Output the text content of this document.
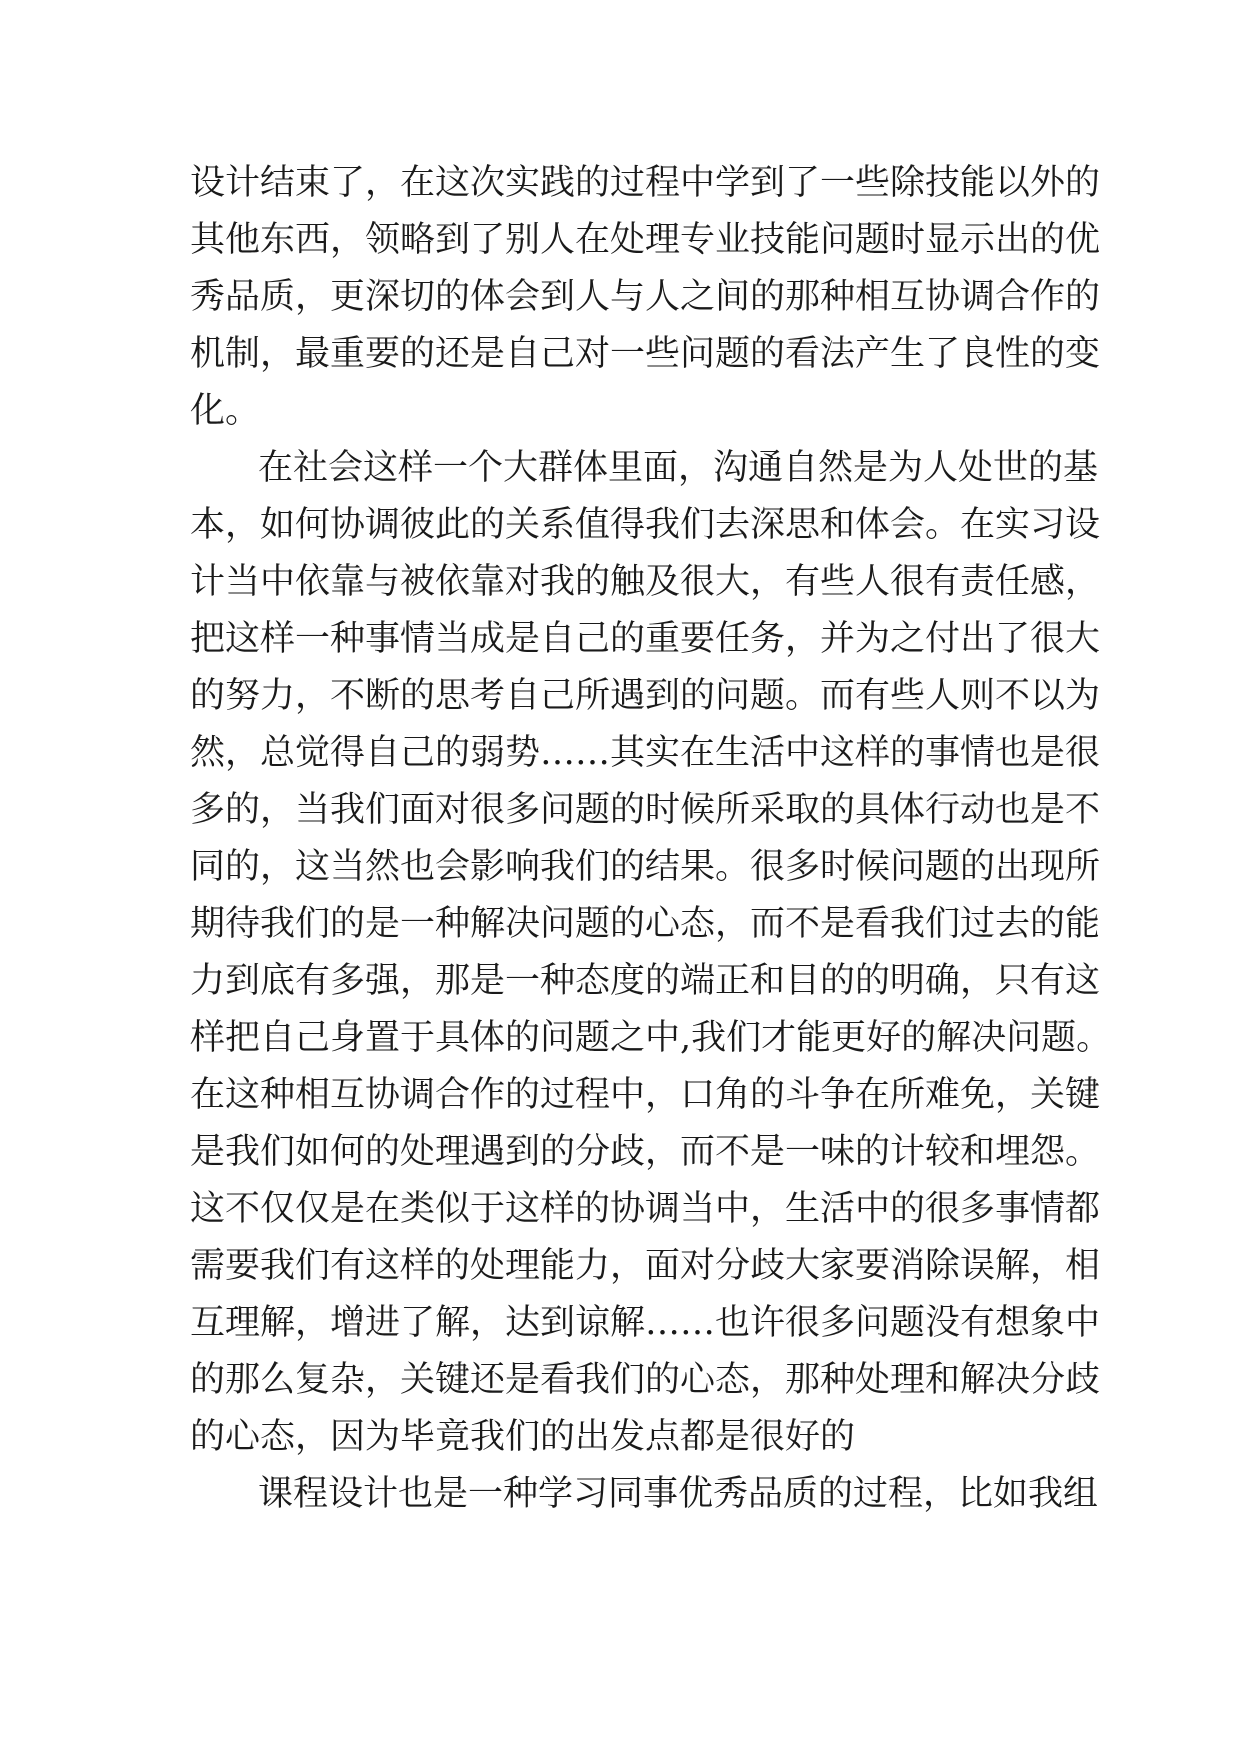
设计结束了，在这次实践的过程中学到了一些除技能以外的
其他东西，领略到了别人在处理专业技能问题时显示出的优
秀品质，更深切的体会到人与人之间的那种相互协调合作的
机制，最重要的还是自己对一些问题的看法产生了良性的变
化。
在社会这样一个大群体里面，沟通自然是为人处世的基
本，如何协调彼此的关系值得我们去深思和体会。在实习设
计当中依靠与被依靠对我的触及很大，有些人很有责任感，
把这样一种事情当成是自己的重要任务，并为之付出了很大
的努力，不断的思考自己所遇到的问题。而有些人则不以为
然，总觉得自己的弱势……其实在生活中这样的事情也是很
多的，当我们面对很多问题的时候所采取的具体行动也是不
同的，这当然也会影响我们的结果。很多时候问题的出现所
期待我们的是一种解决问题的心态，而不是看我们过去的能
力到底有多强，那是一种态度的端正和目的的明确，只有这
样把自己身置于具体的问题之中,我们才能更好的解决问题。
在这种相互协调合作的过程中，口角的斗争在所难免，关键
是我们如何的处理遇到的分歧，而不是一味的计较和埋怨。
这不仅仅是在类似于这样的协调当中，生活中的很多事情都
需要我们有这样的处理能力，面对分歧大家要消除误解，相
互理解，增进了解，达到谅解……也许很多问题没有想象中
的那么复杂，关键还是看我们的心态，那种处理和解决分歧
的心态，因为毕竟我们的出发点都是很好的
课程设计也是一种学习同事优秀品质的过程，比如我组
